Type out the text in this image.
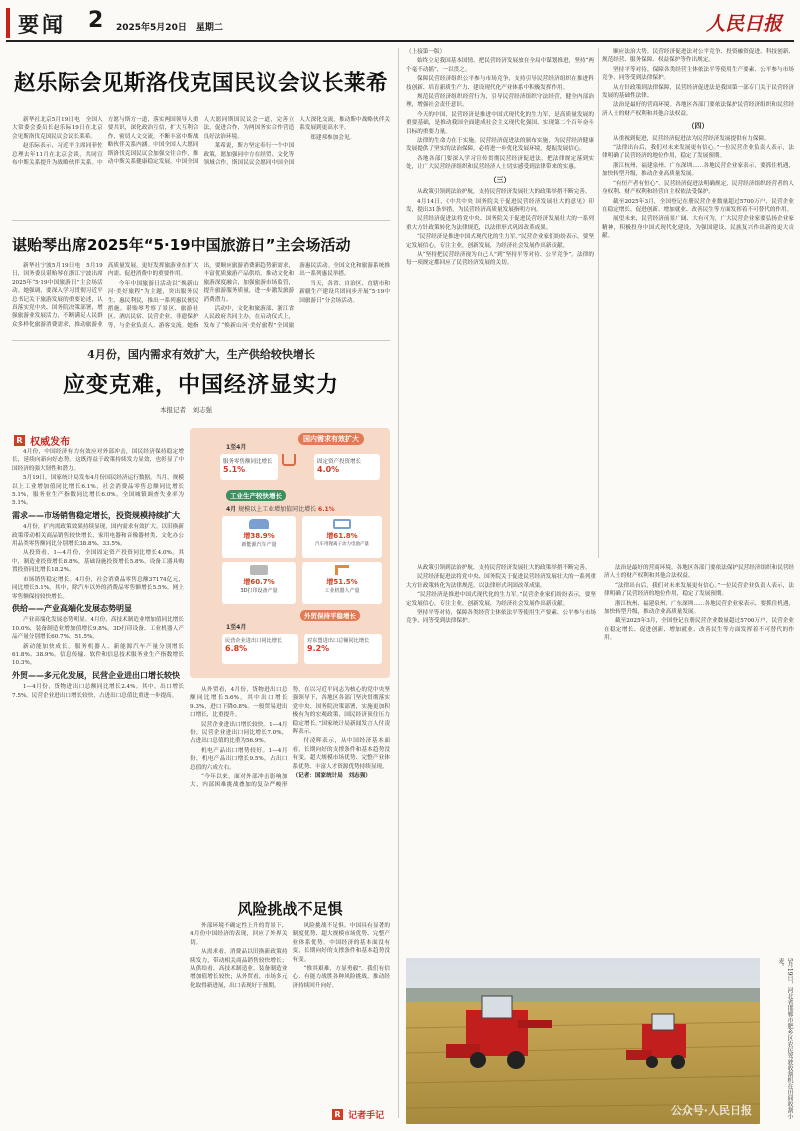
要闻 2 2025年5月20日　星期二	人民日报
赵乐际会见斯洛伐克国民议会议长莱希

新华社北京5月19日电　全国人大常委会委员长赵乐际19日在北京会见斯洛伐克国民议会议长莱希。

赵乐际表示，习近平主席同菲佐总理去年11月在北京会谈，共同宣布中斯关系提升为战略伙伴关系。中方愿与斯方一道，落实两国领导人重要共识，深化政治互信，扩大互利合作，密切人文交流，不断丰富中斯战略伙伴关系内涵。中国全国人大愿同斯洛伐克国民议会加强交往合作，推动中斯关系健康稳定发展。中国全国人大愿同斯国民议会一道，完善立法，促进合作，为两国务实合作营造良好法治环境。

莱希说，斯方坚定奉行一个中国政策，愿加强同中方在经贸、文化等领域合作，斯国民议会愿同中国全国人大深化交流，推动斯中战略伙伴关系发展到更高水平。

郑建邦参加会见。

谌贻琴出席2025年“5·19中国旅游日”主会场活动

新华社宁波5月19日电　5月19日，国务委员谌贻琴在浙江宁波出席2025年“5·19中国旅游日”主会场活动。她强调，要深入学习贯彻习近平总书记关于旅游发展的重要论述，认真落实党中央、国务院决策部署，增强旅游业发展活力，不断满足人民群众多样化旅游消费需求，推动旅游业高质量发展，更好发挥旅游业在扩大内需、促进消费中的重要作用。

今年中国旅游日活动以“焕新山河·美好旅程”为主题，突出服务民生、惠民利民，推出一系列惠民便民措施。谌贻琴考察了景区、旅游社区、酒店民宿、民营企业、非遗保护等，与企业负责人、游客交流。她指出，要顺应旅游消费新趋势新需求，丰富优质旅游产品供给，推动文化和旅游深度融合，加强旅游市场监管，提升旅游服务质量，进一步激发旅游消费潜力。

活动中，文化和旅游部、浙江省人民政府共同主办，在启动仪式上，发布了“焕新山河·美好旅程”全国旅游惠民活动。全国文化和旅游系统推出一系列惠民举措。

当天，各省、自治区、直辖市和新疆生产建设兵团同步开展“5·19中国旅游日”分会场活动。

4月份，国内需求有效扩大，生产供给较快增长
应变克难，中国经济显实力
本报记者　刘志强
R 权威发布

4月份，中国经济有力有效应对外部冲击，国民经济保持稳定增长，延续向新向好态势。这既得益于政策持续发力显效，也彰显了中国经济的强大韧性和潜力。

5月19日，国家统计局发布4月份国民经济运行数据。当月，规模以上工业增加值同比增长6.1%，社会消费品零售总额同比增长5.1%，服务业生产指数同比增长6.0%，全国城镇调查失业率为5.1%。

需求——市场销售稳定增长，投资规模持续扩大

4月份，扩内需政策效果持续显现，国内需求有效扩大。以旧换新政策带动相关商品销售较快增长，家用电器和音像器材类、文化办公用品类零售额同比分别增长38.8%、33.5%。

从投资看，1—4月份，全国固定资产投资同比增长4.0%。其中，制造业投资增长8.8%，基础设施投资增长5.8%。设备工器具购置投资同比增长18.2%。

市场销售稳定增长。4月份，社会消费品零售总额37174亿元，同比增长5.1%。其中，除汽车以外的消费品零售额增长5.5%。网上零售额保持较快增长。

供给——产业高端化发展态势明显

产业高端化发展态势明显。4月份，高技术制造业增加值同比增长10.0%，装备制造业增加值增长9.8%。3D打印设备、工业机器人产品产量分别增长60.7%、51.5%。

新动能加快成长。服务机器人、新能源汽车产量分别增长61.8%、38.9%。信息传输、软件和信息技术服务业生产指数增长10.3%。

外贸——多元化发展，民营企业进出口增长较快

1—4月份，货物进出口总额同比增长2.4%。其中，出口增长7.5%。民营企业进出口增长较快，占进出口总值比重进一步提高。

国内需求有效扩大
1至4月
服务零售额同比增长
5.1%
固定资产投资增长
4.0%
工业生产较快增长
4月 规模以上工业增加值同比增长 6.1%
增38.9%
新能源汽车产量
增61.8%
汽车用锂离子动力电池产量
增60.7%
3D打印设备产量
增51.5%
工业机器人产量
外贸保持平稳增长
1至4月
民营企业进出口同比增长
6.8%
对东盟进出口总额同比增长
9.2%

从外贸看，4月份，货物进出口总额同比增长5.6%，其中出口增长9.3%，进口下降0.8%。一般贸易进出口增长，比重提升。

民营企业进出口增长较快。1—4月份，民营企业进出口同比增长7.0%，占进出口总值的比重为56.9%。

机电产品出口增势较好。1—4月份，机电产品出口增长9.5%，占出口总值的六成左右。

“今年以来，面对外部冲击影响加大、内部困难挑战叠加的复杂严峻形势，在以习近平同志为核心的党中央坚强领导下，各地区各部门坚决贯彻落实党中央、国务院决策部署，实施更加积极有为的宏观政策，国民经济顶住压力稳定增长。”国家统计局新闻发言人付凌晖表示。

付凌晖表示，从中国经济基本面看，长期向好的支撑条件和基本趋势没有变，超大规模市场优势、完整产业体系优势、丰富人才资源优势持续显现。

（记者：国家统计局　刘志强）

风险挑战不足惧

外部环境不确定性上升的背景下，4月份中国经济的表现，回应了外界关切。

从需求看，消费品以旧换新政策持续发力，带动相关商品销售较快增长；从供给看，高技术制造业、装备制造业增加值增长较快；从外贸看，市场多元化取得新进展，出口表现好于预期。

风险挑战不足惧。中国具有显著的制度优势、超大规模市场优势、完整产业体系优势，中国经济的基本面没有变，长期向好的支撑条件和基本趋势没有变。

“惟其艰难，方显勇毅”。我们有信心、有能力战胜各种风险挑战，推动经济持续回升向好。

R 记者手记

（上接第一版）

始终立足我国基本国情，把民营经济发展放在全局中谋划推进，坚持“两个毫不动摇”，一以贯之。

保障民营经济组织公平参与市场竞争，支持引导民营经济组织在推进科技创新、培育新质生产力、建设现代化产业体系中积极发挥作用。

规范民营经济组织经营行为，引导民营经济组织守法经营，健全内部治理，增强社会责任意识。

今天的中国，民营经济是推进中国式现代化的生力军，是高质量发展的重要基础，是推动我国全面建成社会主义现代化强国、实现第二个百年奋斗目标的重要力量。

法律的生命力在于实施。民营经济促进法的颁布实施，为民营经济健康发展提供了坚实的法治保障，必将进一步优化发展环境，提振发展信心。

各地各部门要深入学习宣传贯彻民营经济促进法，把法律规定落到实处，让广大民营经济组织和民营经济人士切实感受到法律带来的实惠。

（三）

从政策引领到法治护航，支持民营经济发展壮大的政策举措不断完善。

4月14日，《中共中央 国务院关于促进民营经济发展壮大的意见》印发，提出31条举措，为民营经济高质量发展指明方向。

民营经济促进法将党中央、国务院关于促进民营经济发展壮大的一系列重大方针政策转化为法律规范，以法律形式巩固改革成果。

“民营经济是推进中国式现代化的生力军。”民营企业家们纷纷表示，要坚定发展信心，专注主业，创新发展，为经济社会发展作出新贡献。

从“坚持把民营经济视为自己人”到“坚持平等对待、公平竞争”，法律的每一项规定都回应了民营经济发展的关切。

顺应法治大势，民营经济促进法对公平竞争、投资融资促进、科技创新、规范经营、服务保障、权益保护等作出规定。

坚持平等对待，保障各类经营主体依法平等使用生产要素、公平参与市场竞争、同等受到法律保护。

从方针政策到法律保障，民营经济促进法是我国第一部专门关于民营经济发展的基础性法律。

法治是最好的营商环境。各地区各部门要依法保护民营经济组织和民营经济人士的财产权利和其他合法权益。

（四）

从重视到促进，民营经济促进法为民营经济发展提供有力保障。

“法律出台后，我们对未来发展更有信心。”一位民营企业负责人表示，法律明确了民营经济的地位作用，稳定了发展预期。

浙江杭州、福建泉州、广东深圳……各地民营企业家表示，要抓住机遇，加快转型升级，推动企业高质量发展。

“有恒产者有恒心”。民营经济促进法明确规定，民营经济组织经营者的人身权利、财产权利和经营自主权依法受保护。

截至2025年3月，全国登记在册民营企业数量超过5700万户，民营企业在稳定增长、促进创新、增加就业、改善民生等方面发挥着不可替代的作用。

展望未来，民营经济前景广阔、大有可为，广大民营企业家要弘扬企业家精神，积极投身中国式现代化建设，为强国建设、民族复兴作出新的更大贡献。

从政策引领到法治护航，支持民营经济发展壮大的政策举措不断完善。

民营经济促进法将党中央、国务院关于促进民营经济发展壮大的一系列重大方针政策转化为法律规范，以法律形式巩固改革成果。

“民营经济是推进中国式现代化的生力军。”民营企业家们纷纷表示，要坚定发展信心，专注主业，创新发展，为经济社会发展作出新贡献。

坚持平等对待，保障各类经营主体依法平等使用生产要素、公平参与市场竞争、同等受到法律保护。

法治是最好的营商环境。各地区各部门要依法保护民营经济组织和民营经济人士的财产权利和其他合法权益。

“法律出台后，我们对未来发展更有信心。”一位民营企业负责人表示，法律明确了民营经济的地位作用，稳定了发展预期。

浙江杭州、福建泉州、广东深圳……各地民营企业家表示，要抓住机遇，加快转型升级，推动企业高质量发展。

截至2025年3月，全国登记在册民营企业数量超过5700万户，民营企业在稳定增长、促进创新、增加就业、改善民生等方面发挥着不可替代的作用。

公众号·人民日报	5月19日，河北省邯郸市肥乡区农民驾驶收割机在田间收割小麦。
